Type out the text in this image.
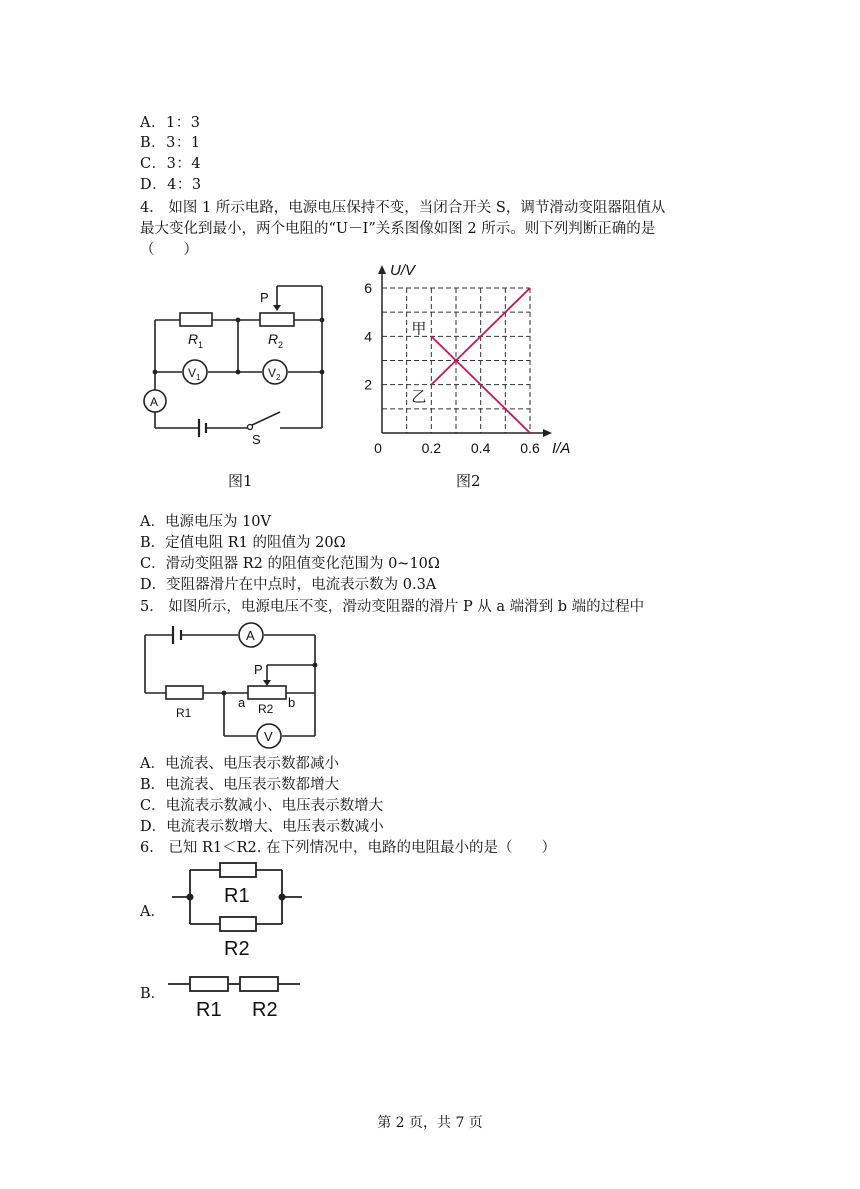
A．1：3
B．3：1
C．3：4
D．4：3
4． 如图 1 所示电路，电源电压保持不变，当闭合开关 S，调节滑动变阻器阻值从
最大变化到最小，两个电阻的“U－I”关系图像如图 2 所示。则下列判断正确的是
（　　）
P
R 1	R 2
V 1	V 2
A
S
图1
0	0.2 0.4 0.6
2
4
6
I/A
U/V
甲
乙
图2
A．电源电压为 10V
B．定值电阻 R1 的阻值为 20Ω
C．滑动变阻器 R2 的阻值变化范围为 0~10Ω
D．变阻器滑片在中点时，电流表示数为 0.3A
5． 如图所示，电源电压不变，滑动变阻器的滑片 P 从 a 端滑到 b 端的过程中
A
V
P
R1	R2
a	b
A．电流表、电压表示数都减小
B．电流表、电压表示数都增大
C．电流表示数减小、电压表示数增大
D．电流表示数增大、电压表示数减小
6． 已知 R1＜R2. 在下列情况中，电路的电阻最小的是（　　）
A．
R1
R2
B．
R1 R2
第 2 页，共 7 页
